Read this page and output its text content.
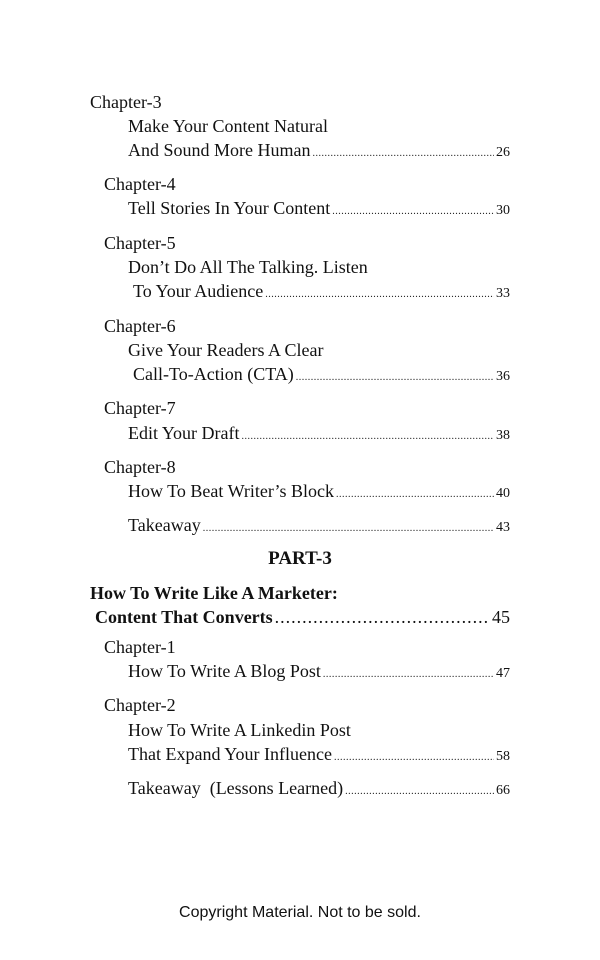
Chapter-3
Make Your Content Natural
And Sound More Human .....	26
Chapter-4
Tell Stories In Your Content .....	30
Chapter-5
Don’t Do All The Talking. Listen
To Your Audience .....	33
Chapter-6
Give Your Readers A Clear
Call-To-Action (CTA) .....	36
Chapter-7
Edit Your Draft .....	38
Chapter-8
How To Beat Writer’s Block .....	40
Takeaway .....	43
PART-3
How To Write Like A Marketer:
Content That Converts .....	45
Chapter-1
How To Write A Blog Post .....	47
Chapter-2
How To Write A Linkedin Post
That Expand Your Influence .....	58
Takeaway  (Lessons Learned) .....	66
Copyright Material. Not to be sold.
